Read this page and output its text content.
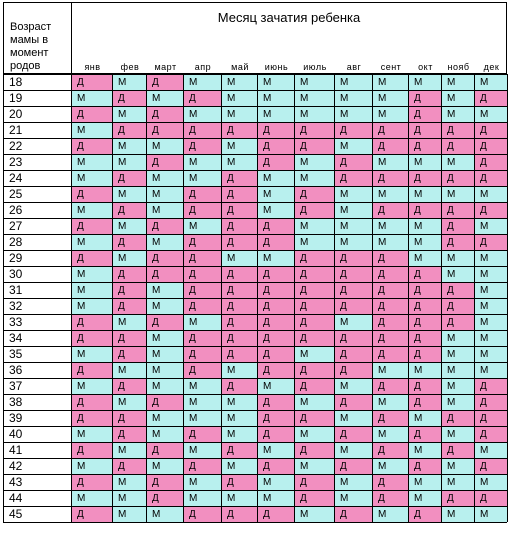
Возраст
мамы в
момент
родов
Месяц зачатия ребенка
янв	фев	март	апр	май	июнь	июль	авг	сент	окт	нояб	дек
18	Д	М	Д	М	М	М	М	М	М	М	М	М
19	М	Д	М	Д	М	М	М	М	М	Д	М	Д
20	Д	М	Д	М	М	М	М	М	М	Д	М	М
21	М	Д	Д	Д	Д	Д	Д	Д	Д	Д	Д	Д
22	Д	М	М	Д	М	Д	Д	М	Д	Д	Д	Д
23	М	М	Д	М	М	Д	М	Д	М	М	М	Д
24	М	Д	М	М	Д	М	М	Д	Д	Д	Д	Д
25	Д	М	М	Д	Д	М	Д	М	М	М	М	М
26	М	Д	М	Д	Д	М	Д	М	Д	Д	Д	Д
27	Д	М	Д	М	Д	Д	М	М	М	М	Д	М
28	М	Д	М	Д	Д	Д	М	М	М	М	Д	Д
29	Д	М	Д	Д	М	М	Д	Д	Д	М	М	М
30	М	Д	Д	Д	Д	Д	Д	Д	Д	Д	М	М
31	М	Д	М	Д	Д	Д	Д	Д	Д	Д	Д	М
32	М	Д	М	Д	Д	Д	Д	Д	Д	Д	Д	М
33	Д	М	Д	М	Д	Д	Д	М	Д	Д	Д	М
34	Д	Д	М	Д	Д	Д	Д	Д	Д	Д	М	М
35	М	Д	М	Д	Д	Д	М	Д	Д	Д	М	М
36	Д	М	М	Д	М	Д	Д	Д	М	М	М	М
37	М	Д	М	М	Д	М	Д	М	Д	Д	М	Д
38	Д	М	Д	М	М	Д	М	Д	М	Д	М	Д
39	Д	Д	М	М	М	Д	Д	М	Д	М	Д	Д
40	М	Д	М	Д	М	Д	М	Д	М	Д	М	Д
41	Д	М	Д	М	Д	М	Д	М	Д	М	Д	М
42	М	Д	М	Д	М	Д	М	Д	М	Д	М	Д
43	Д	М	Д	М	Д	М	Д	М	Д	М	М	М
44	М	М	Д	М	М	М	Д	М	Д	М	Д	Д
45	Д	М	М	Д	Д	Д	М	Д	М	Д	М	М
